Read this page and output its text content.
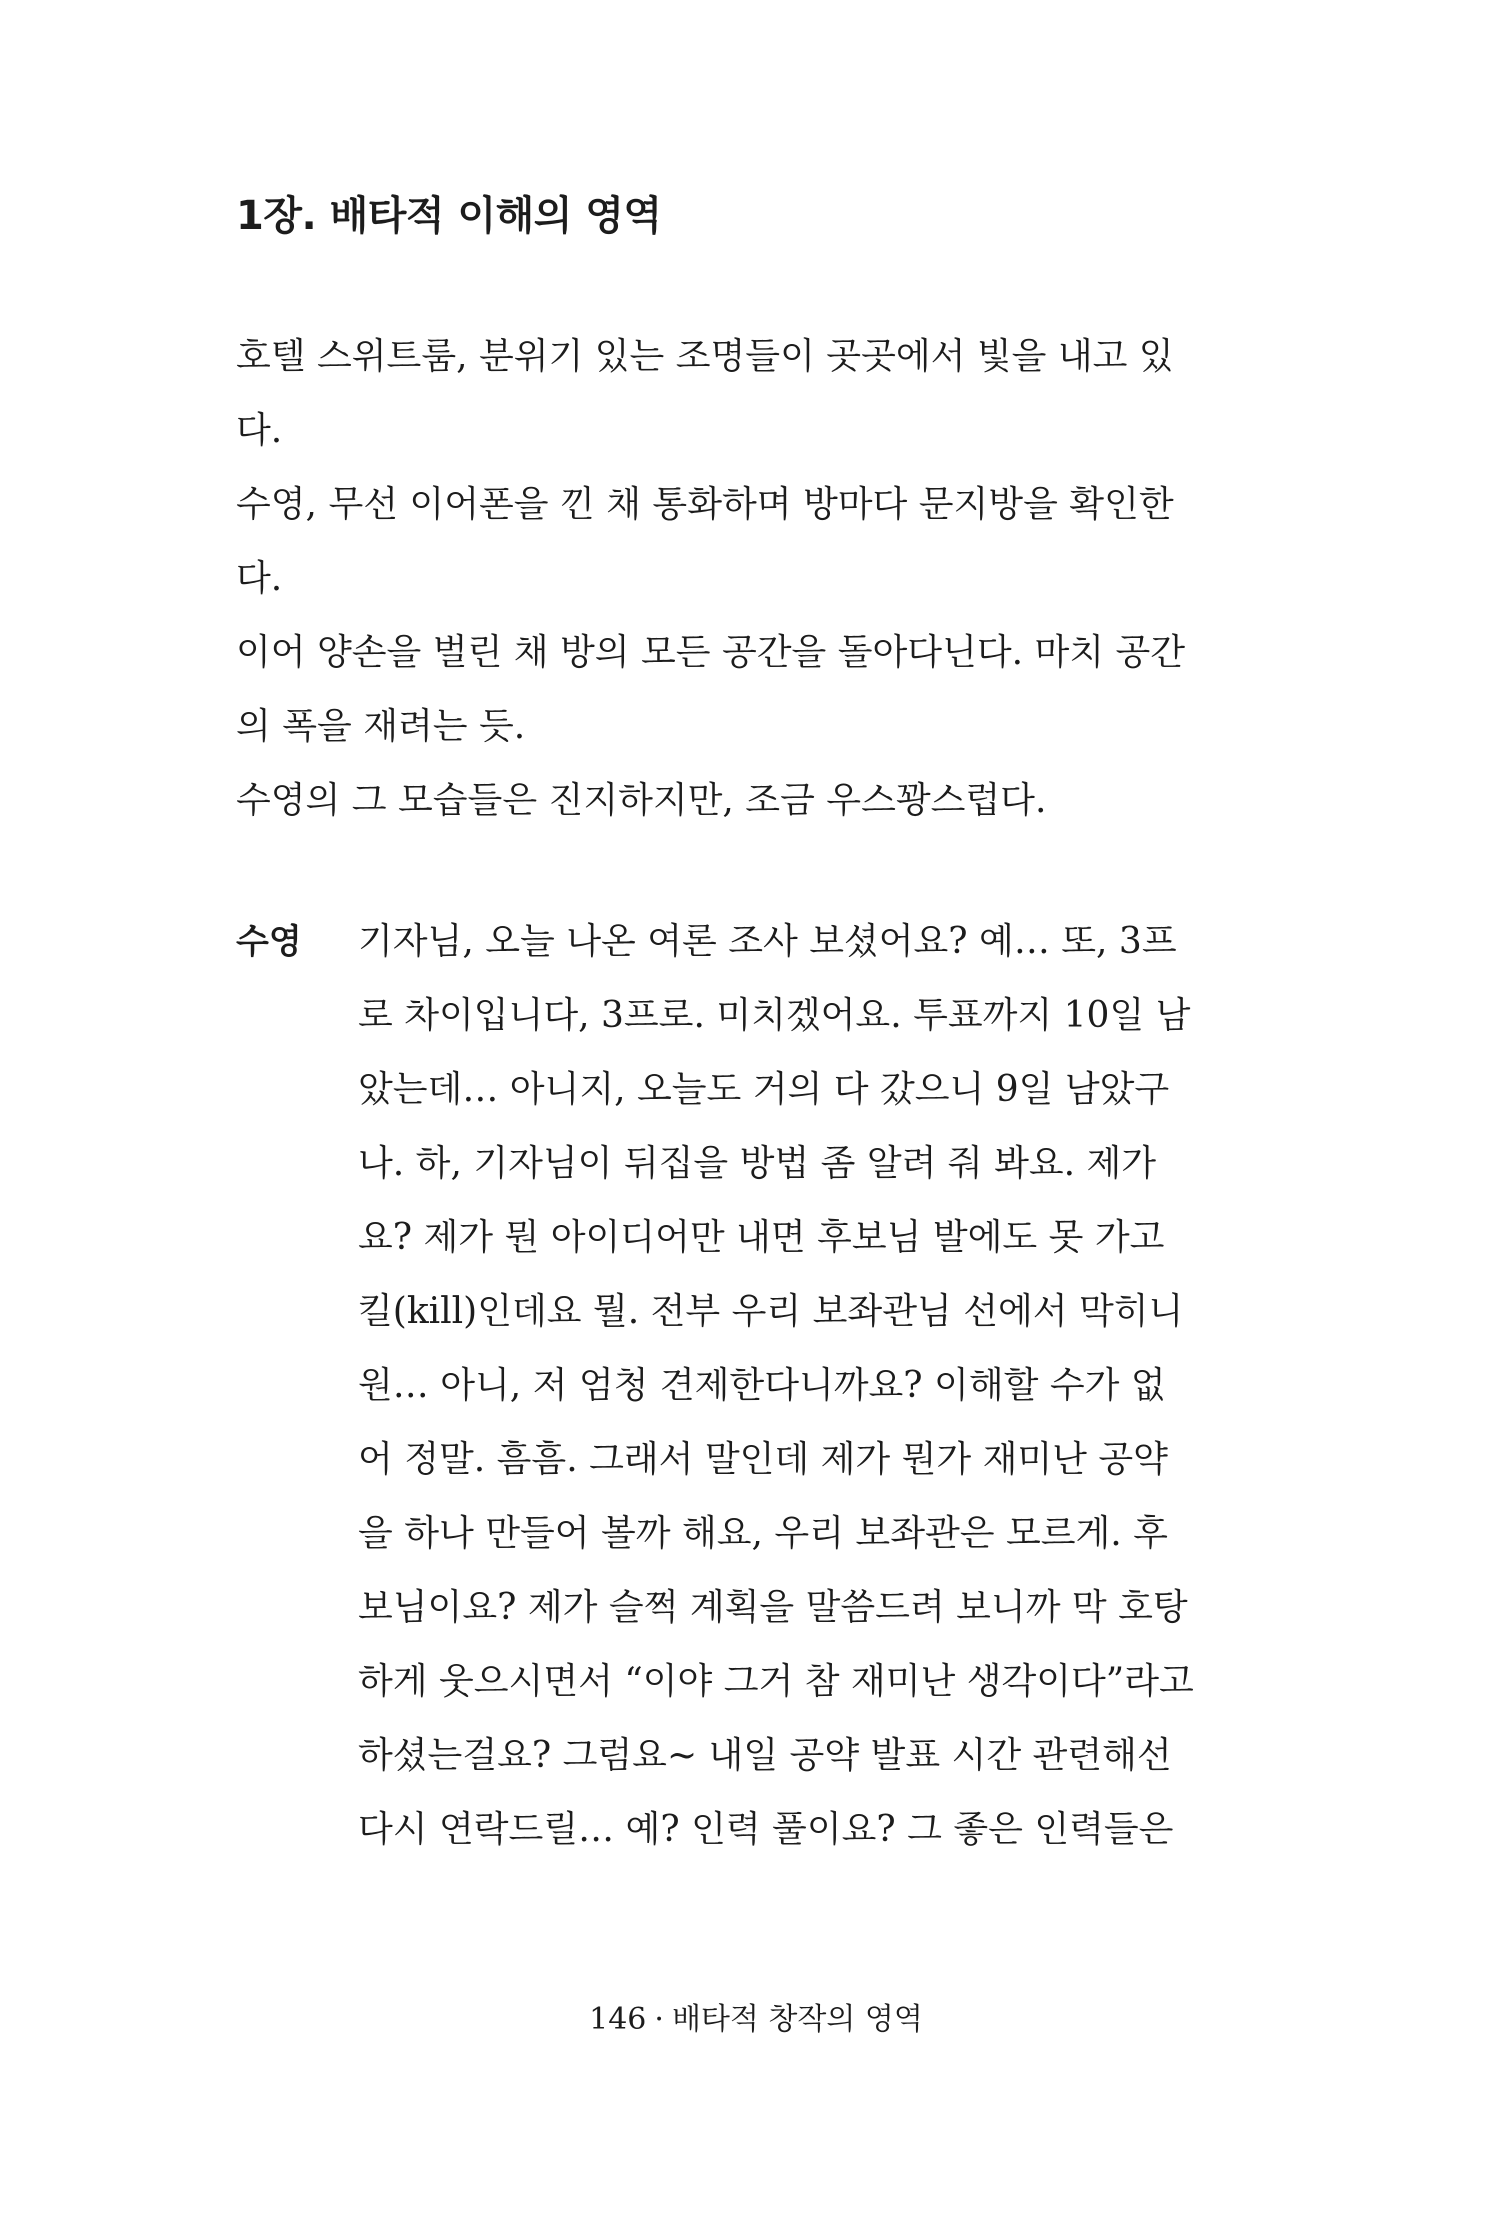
1장. 배타적 이해의 영역

호텔 스위트룸, 분위기 있는 조명들이 곳곳에서 빛을 내고 있

다.

수영, 무선 이어폰을 낀 채 통화하며 방마다 문지방을 확인한

다.

이어 양손을 벌린 채 방의 모든 공간을 돌아다닌다. 마치 공간

의 폭을 재려는 듯.

수영의 그 모습들은 진지하지만, 조금 우스꽝스럽다.

수영 기자님, 오늘 나온 여론 조사 보셨어요? 예… 또, 3프
로 차이입니다, 3프로. 미치겠어요. 투표까지 10일 남
았는데… 아니지, 오늘도 거의 다 갔으니 9일 남았구
나. 하, 기자님이 뒤집을 방법 좀 알려 줘 봐요. 제가
요? 제가 뭔 아이디어만 내면 후보님 발에도 못 가고
킬(kill)인데요 뭘. 전부 우리 보좌관님 선에서 막히니
원… 아니, 저 엄청 견제한다니까요? 이해할 수가 없
어 정말. 흠흠. 그래서 말인데 제가 뭔가 재미난 공약
을 하나 만들어 볼까 해요, 우리 보좌관은 모르게. 후
보님이요? 제가 슬쩍 계획을 말씀드려 보니까 막 호탕
하게 웃으시면서 “이야 그거 참 재미난 생각이다”라고
하셨는걸요? 그럼요~ 내일 공약 발표 시간 관련해선
다시 연락드릴… 예? 인력 풀이요? 그 좋은 인력들은
146 · 배타적 창작의 영역
